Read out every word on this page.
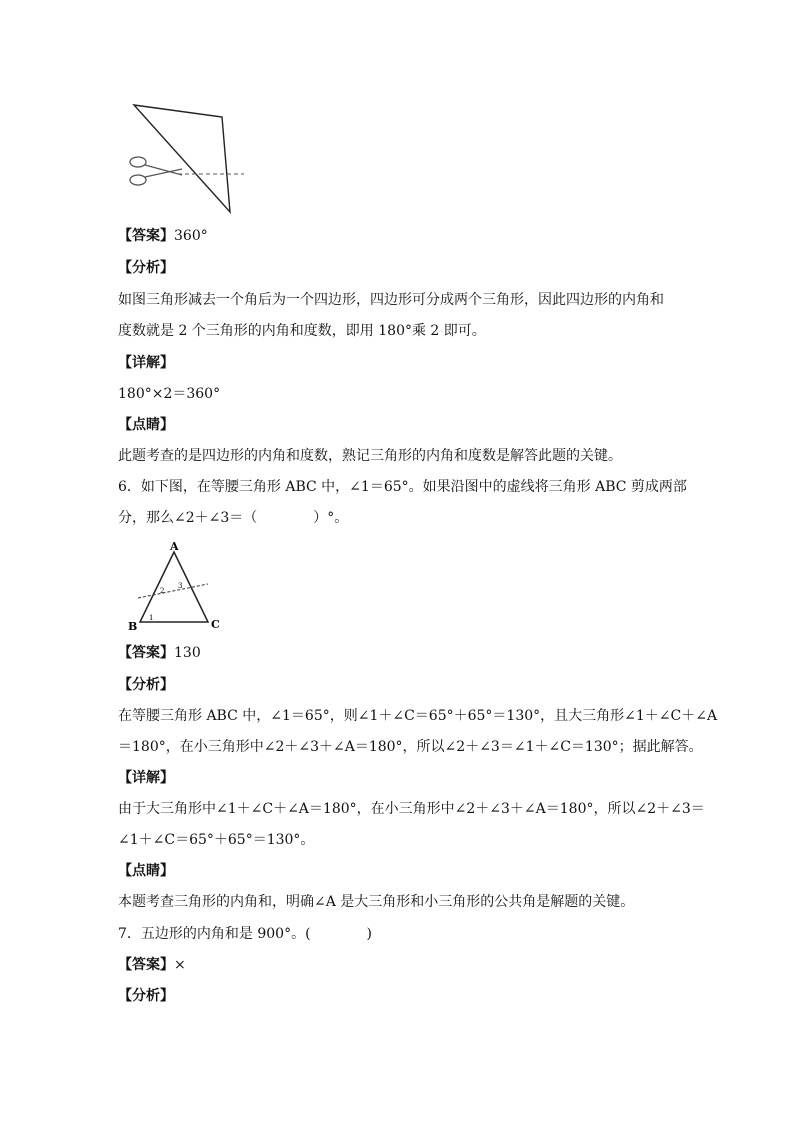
【答案】360°
【分析】
如图三角形减去一个角后为一个四边形，四边形可分成两个三角形，因此四边形的内角和
度数就是 2 个三角形的内角和度数，即用 180°乘 2 即可。
【详解】
180°×2＝360°
【点睛】
此题考查的是四边形的内角和度数，熟记三角形的内角和度数是解答此题的关键。
6．如下图，在等腰三角形 ABC 中，∠1＝65°。如果沿图中的虚线将三角形 ABC 剪成两部
分，那么∠2＋∠3＝（　　　　）°。
A
B	C
1
2
3
【答案】130
【分析】
在等腰三角形 ABC 中，∠1＝65°，则∠1＋∠C＝65°＋65°＝130°，且大三角形∠1＋∠C＋∠A
＝180°，在小三角形中∠2＋∠3＋∠A＝180°，所以∠2＋∠3＝∠1＋∠C＝130°；据此解答。
【详解】
由于大三角形中∠1＋∠C＋∠A＝180°，在小三角形中∠2＋∠3＋∠A＝180°，所以∠2＋∠3＝
∠1＋∠C＝65°＋65°＝130°。
【点睛】
本题考查三角形的内角和，明确∠A 是大三角形和小三角形的公共角是解题的关键。
7．五边形的内角和是 900°。(　　　　)
【答案】×
【分析】
